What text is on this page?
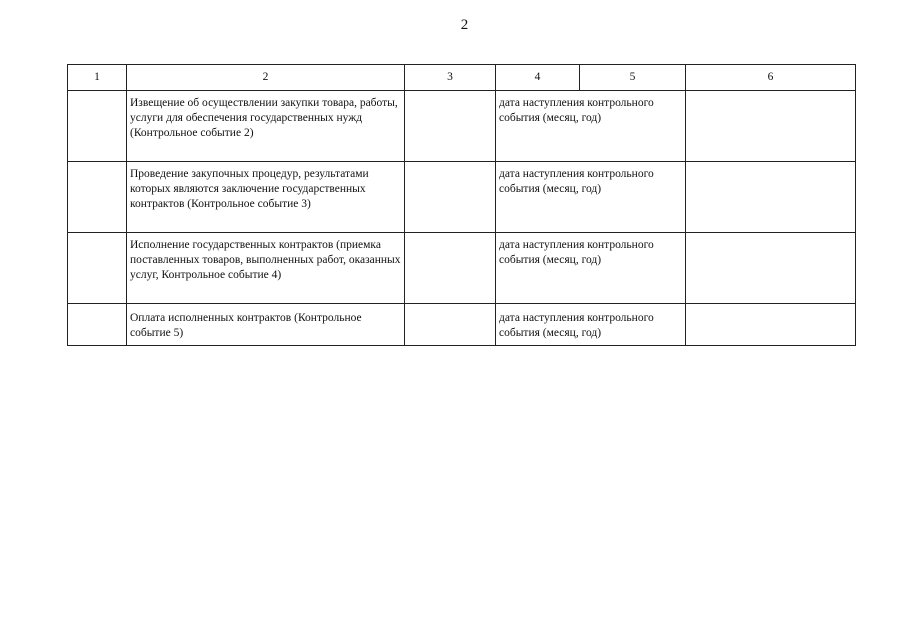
2
1	2	3	4	5	6

	Извещение об осуществлении закупки товара, работы, услуги для обеспечения государственных нужд (Контрольное событие 2)		дата наступления контрольного события (месяц, год)		

	Проведение закупочных процедур, результатами которых являются заключение государственных контрактов (Контрольное событие 3)		дата наступления контрольного события (месяц, год)		

	Исполнение государственных контрактов (приемка поставленных товаров, выполненных работ, оказанных услуг, Контрольное событие 4)		дата наступления контрольного события (месяц, год)		

	Оплата исполненных контрактов (Контрольное событие 5)		дата наступления контрольного события (месяц, год)		
